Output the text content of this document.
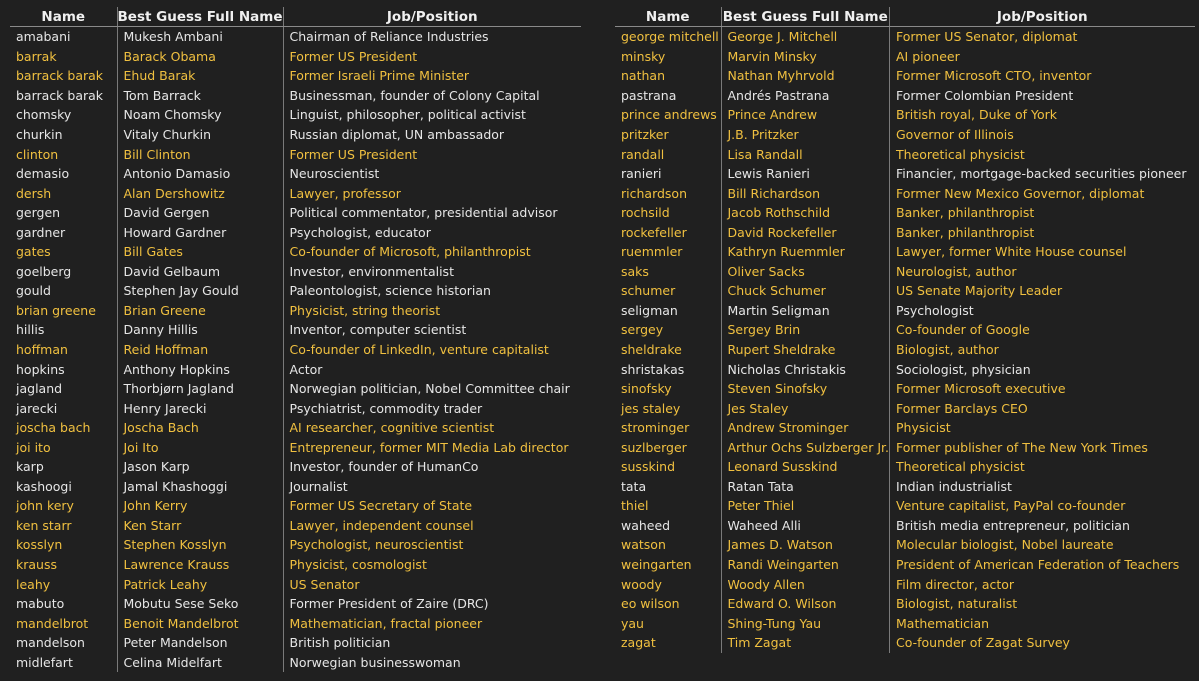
Name	Best Guess Full Name	Job/Position
amabani	Mukesh Ambani	Chairman of Reliance Industries
barrak	Barack Obama	Former US President
barrack barak	Ehud Barak	Former Israeli Prime Minister
barrack barak	Tom Barrack	Businessman, founder of Colony Capital
chomsky	Noam Chomsky	Linguist, philosopher, political activist
churkin	Vitaly Churkin	Russian diplomat, UN ambassador
clinton	Bill Clinton	Former US President
demasio	Antonio Damasio	Neuroscientist
dersh	Alan Dershowitz	Lawyer, professor
gergen	David Gergen	Political commentator, presidential advisor
gardner	Howard Gardner	Psychologist, educator
gates	Bill Gates	Co-founder of Microsoft, philanthropist
goelberg	David Gelbaum	Investor, environmentalist
gould	Stephen Jay Gould	Paleontologist, science historian
brian greene	Brian Greene	Physicist, string theorist
hillis	Danny Hillis	Inventor, computer scientist
hoffman	Reid Hoffman	Co-founder of LinkedIn, venture capitalist
hopkins	Anthony Hopkins	Actor
jagland	Thorbjørn Jagland	Norwegian politician, Nobel Committee chair
jarecki	Henry Jarecki	Psychiatrist, commodity trader
joscha bach	Joscha Bach	AI researcher, cognitive scientist
joi ito	Joi Ito	Entrepreneur, former MIT Media Lab director
karp	Jason Karp	Investor, founder of HumanCo
kashoogi	Jamal Khashoggi	Journalist
john kery	John Kerry	Former US Secretary of State
ken starr	Ken Starr	Lawyer, independent counsel
kosslyn	Stephen Kosslyn	Psychologist, neuroscientist
krauss	Lawrence Krauss	Physicist, cosmologist
leahy	Patrick Leahy	US Senator
mabuto	Mobutu Sese Seko	Former President of Zaire (DRC)
mandelbrot	Benoit Mandelbrot	Mathematician, fractal pioneer
mandelson	Peter Mandelson	British politician
midlefart	Celina Midelfart	Norwegian businesswoman
Name	Best Guess Full Name	Job/Position
george mitchell	George J. Mitchell	Former US Senator, diplomat
minsky	Marvin Minsky	AI pioneer
nathan	Nathan Myhrvold	Former Microsoft CTO, inventor
pastrana	Andrés Pastrana	Former Colombian President
prince andrews	Prince Andrew	British royal, Duke of York
pritzker	J.B. Pritzker	Governor of Illinois
randall	Lisa Randall	Theoretical physicist
ranieri	Lewis Ranieri	Financier, mortgage-backed securities pioneer
richardson	Bill Richardson	Former New Mexico Governor, diplomat
rochsild	Jacob Rothschild	Banker, philanthropist
rockefeller	David Rockefeller	Banker, philanthropist
ruemmler	Kathryn Ruemmler	Lawyer, former White House counsel
saks	Oliver Sacks	Neurologist, author
schumer	Chuck Schumer	US Senate Majority Leader
seligman	Martin Seligman	Psychologist
sergey	Sergey Brin	Co-founder of Google
sheldrake	Rupert Sheldrake	Biologist, author
shristakas	Nicholas Christakis	Sociologist, physician
sinofsky	Steven Sinofsky	Former Microsoft executive
jes staley	Jes Staley	Former Barclays CEO
strominger	Andrew Strominger	Physicist
suzlberger	Arthur Ochs Sulzberger Jr.	Former publisher of The New York Times
susskind	Leonard Susskind	Theoretical physicist
tata	Ratan Tata	Indian industrialist
thiel	Peter Thiel	Venture capitalist, PayPal co-founder
waheed	Waheed Alli	British media entrepreneur, politician
watson	James D. Watson	Molecular biologist, Nobel laureate
weingarten	Randi Weingarten	President of American Federation of Teachers
woody	Woody Allen	Film director, actor
eo wilson	Edward O. Wilson	Biologist, naturalist
yau	Shing-Tung Yau	Mathematician
zagat	Tim Zagat	Co-founder of Zagat Survey
